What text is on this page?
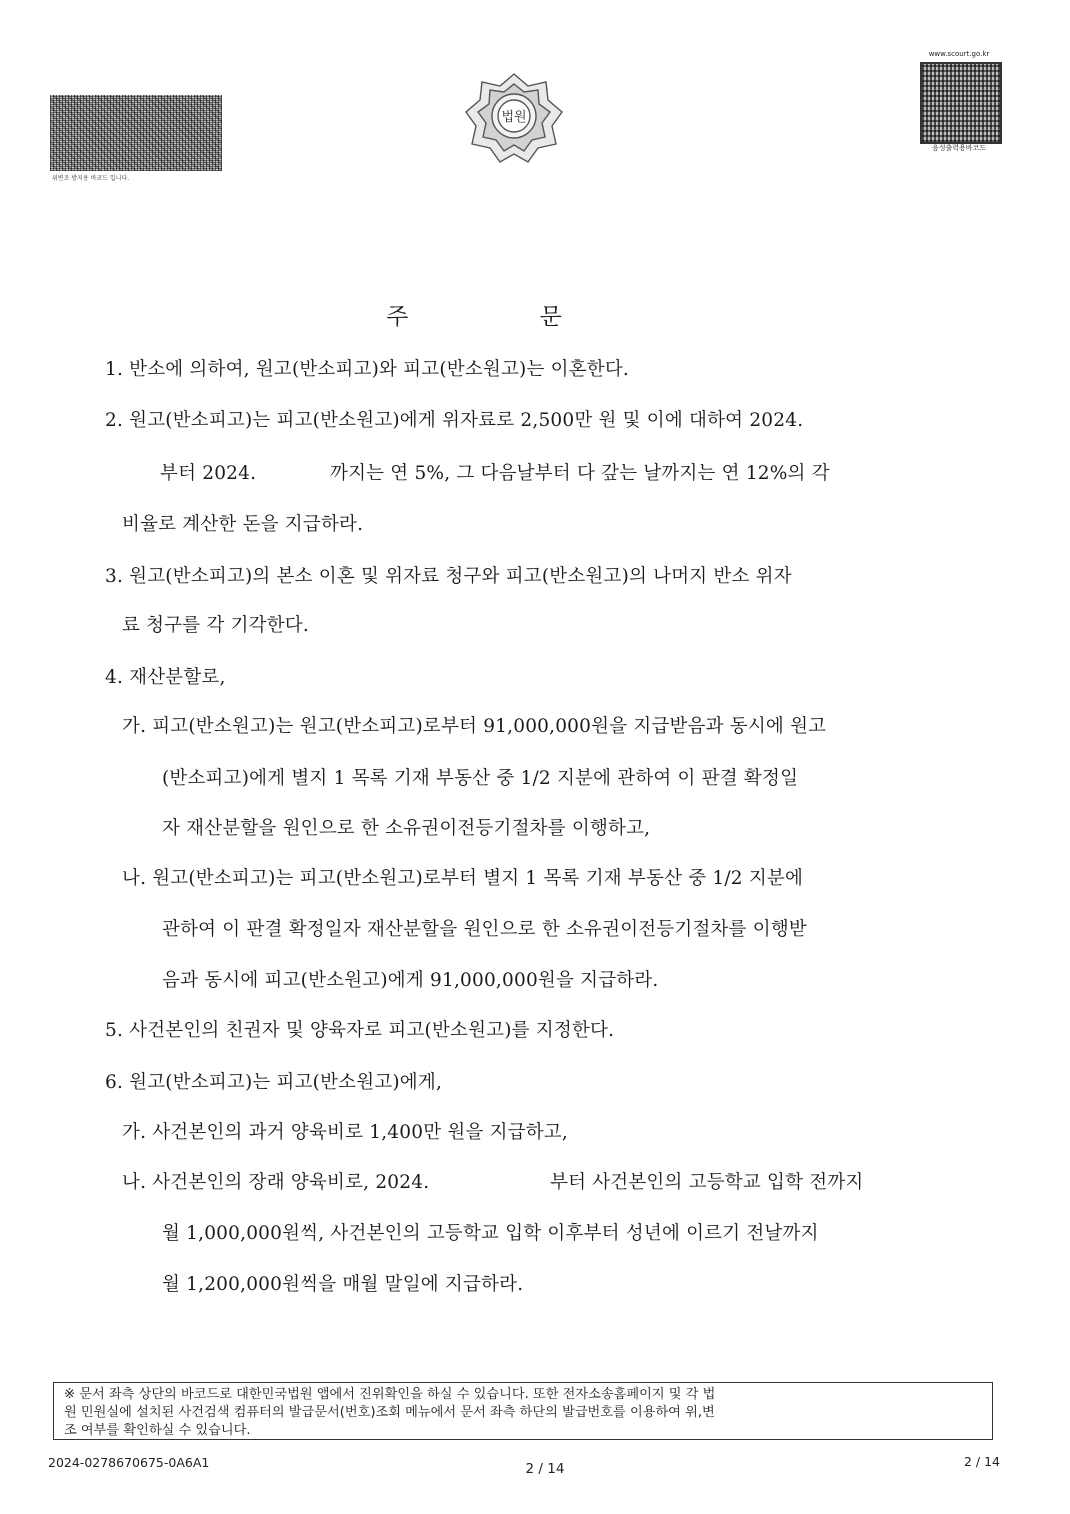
위변조 방지용 바코드 입니다.
법원
www.scourt.go.kr
음성출력용바코드
주 문
1. 반소에 의하여, 원고(반소피고)와 피고(반소원고)는 이혼한다.
2. 원고(반소피고)는 피고(반소원고)에게 위자료로 2,500만 원 및 이에 대하여 2024.
부터 2024.	까지는 연 5%, 그 다음날부터 다 갚는 날까지는 연 12%의 각
비율로 계산한 돈을 지급하라.
3. 원고(반소피고)의 본소 이혼 및 위자료 청구와 피고(반소원고)의 나머지 반소 위자
료 청구를 각 기각한다.
4. 재산분할로,
가. 피고(반소원고)는 원고(반소피고)로부터 91,000,000원을 지급받음과 동시에 원고
(반소피고)에게 별지 1 목록 기재 부동산 중 1/2 지분에 관하여 이 판결 확정일
자 재산분할을 원인으로 한 소유권이전등기절차를 이행하고,
나. 원고(반소피고)는 피고(반소원고)로부터 별지 1 목록 기재 부동산 중 1/2 지분에
관하여 이 판결 확정일자 재산분할을 원인으로 한 소유권이전등기절차를 이행받
음과 동시에 피고(반소원고)에게 91,000,000원을 지급하라.
5. 사건본인의 친권자 및 양육자로 피고(반소원고)를 지정한다.
6. 원고(반소피고)는 피고(반소원고)에게,
가. 사건본인의 과거 양육비로 1,400만 원을 지급하고,
나. 사건본인의 장래 양육비로, 2024.	부터 사건본인의 고등학교 입학 전까지
월 1,000,000원씩, 사건본인의 고등학교 입학 이후부터 성년에 이르기 전날까지
월 1,200,000원씩을 매월 말일에 지급하라.
※ 문서 좌측 상단의 바코드로 대한민국법원 앱에서 진위확인을 하실 수 있습니다. 또한 전자소송홈페이지 및 각 법
원 민원실에 설치된 사건검색 컴퓨터의 발급문서(번호)조회 메뉴에서 문서 좌측 하단의 발급번호를 이용하여 위,변
조 여부를 확인하실 수 있습니다.
2024-0278670675-0A6A1	2 / 14	2 / 14
